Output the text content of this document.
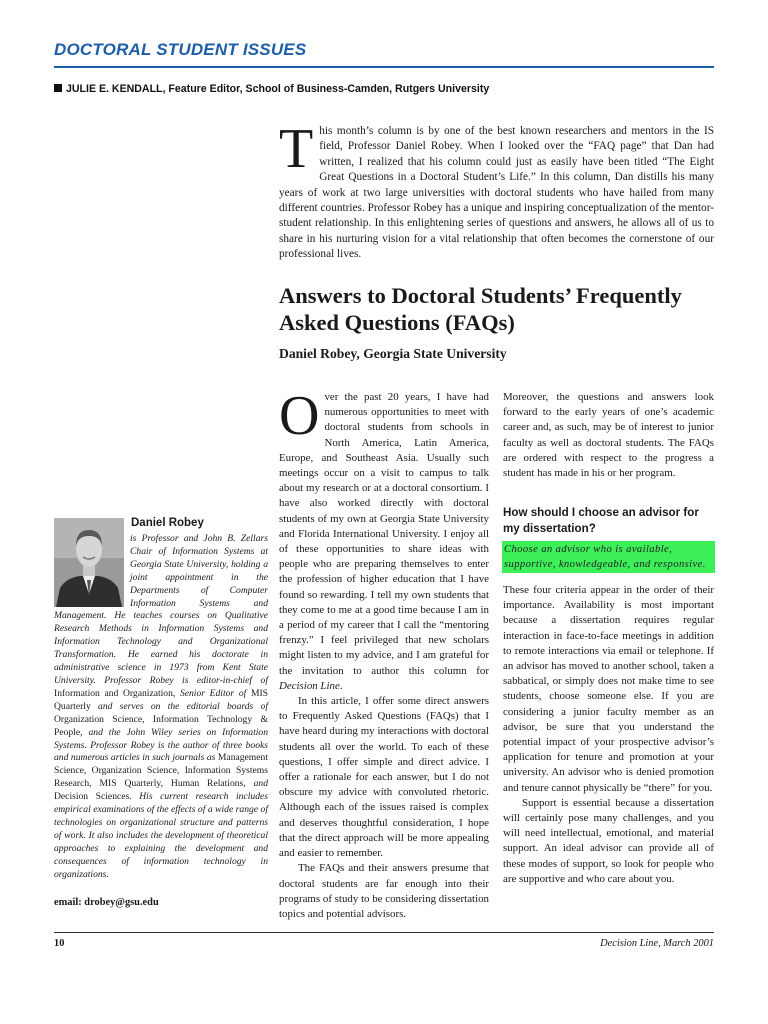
DOCTORAL STUDENT ISSUES
JULIE E. KENDALL, Feature Editor, School of Business-Camden, Rutgers University
This month’s column is by one of the best known researchers and mentors in the IS field, Professor Daniel Robey. When I looked over the “FAQ page” that Dan had written, I realized that his column could just as easily have been titled “The Eight Great Questions in a Doctoral Student’s Life.” In this column, Dan distills his many years of work at two large universities with doctoral students who have hailed from many different countries. Professor Robey has a unique and inspiring conceptualization of the mentor-student relationship. In this enlightening series of questions and answers, he allows all of us to share in his nurturing vision for a vital relationship that often becomes the cornerstone of our professional lives.
Answers to Doctoral Students’ Frequently Asked Questions (FAQs)
Daniel Robey, Georgia State University

Over the past 20 years, I have had numerous opportunities to meet with doctoral students from schools in North America, Latin America, Europe, and Southeast Asia. Usually such meetings occur on a visit to campus to talk about my research or at a doctoral consortium. I have also worked directly with doctoral students of my own at Georgia State University and Florida International University. I enjoy all of these opportunities to share ideas with people who are preparing themselves to enter the profession of higher education that I have found so rewarding. I tell my own students that they come to me at a good time because I am in a period of my career that I call the “mentoring frenzy.” I feel privileged that new scholars might listen to my advice, and I am grateful for the invitation to author this column for Decision Line.

In this article, I offer some direct answers to Frequently Asked Questions (FAQs) that I have heard during my interactions with doctoral students all over the world. To each of these questions, I offer simple and direct advice. I offer a rationale for each answer, but I do not obscure my advice with convoluted rhetoric. Although each of the issues raised is complex and deserves thoughtful consideration, I hope that the direct approach will be more appealing and easier to remember.

The FAQs and their answers presume that doctoral students are far enough into their programs of study to be considering dissertation topics and potential advisors.

Moreover, the questions and answers look forward to the early years of one’s academic career and, as such, may be of interest to junior faculty as well as doctoral students. The FAQs are ordered with respect to the progress a student has made in his or her program.

How should I choose an advisor for my dissertation?
Choose an advisor who is available, supportive, knowledgeable, and responsive.

These four criteria appear in the order of their importance. Availability is most important because a dissertation requires regular interaction in face-to-face meetings in addition to remote interactions via email or telephone. If an advisor has moved to another school, taken a sabbatical, or simply does not make time to see students, choose someone else. If you are considering a junior faculty member as an advisor, be sure that you understand the potential impact of your prospective advisor’s application for tenure and promotion at your university. An advisor who is denied promotion and tenure cannot physically be “there” for you.

Support is essential because a dissertation will certainly pose many challenges, and you will need intellectual, emotional, and material support. An ideal advisor can provide all of these modes of support, so look for people who are supportive and who care about you.

Daniel Robey
is Professor and John B. Zellars Chair of Information Systems at Georgia State University, holding a joint appointment in the Departments of Computer Information Systems and Management. He teaches courses on Qualitative Research Methods in Information Systems and Information Technology and Organizational Transformation. He earned his doctorate in administrative science in 1973 from Kent State University. Professor Robey is editor-in-chief of Information and Organization, Senior Editor of MIS Quarterly and serves on the editorial boards of Organization Science, Information Technology & People, and the John Wiley series on Information Systems. Professor Robey is the author of three books and numerous articles in such journals as Management Science, Organization Science, Information Systems Research, MIS Quarterly, Human Relations, and Decision Sciences. His current research includes empirical examinations of the effects of a wide range of technologies on organizational structure and patterns of work. It also includes the development of theoretical approaches to explaining the development and consequences of information technology in organizations.
email: drobey@gsu.edu
10	Decision Line, March 2001
